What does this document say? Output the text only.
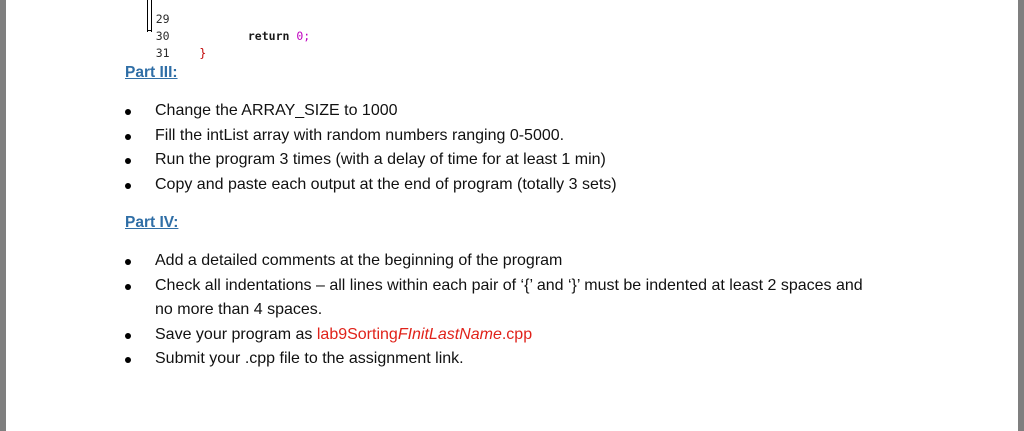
29

30	return 0;

31	}

Part III:
Change the ARRAY_SIZE to 1000
Fill the intList array with random numbers ranging 0-5000.
Run the program 3 times (with a delay of time for at least 1 min)
Copy and paste each output at the end of program (totally 3 sets)
Part IV:
Add a detailed comments at the beginning of the program
Check all indentations – all lines within each pair of ‘{’ and ‘}’ must be indented at least 2 spaces and
no more than 4 spaces.
Save your program as lab9SortingFInitLastName.cpp
Submit your .cpp file to the assignment link.
